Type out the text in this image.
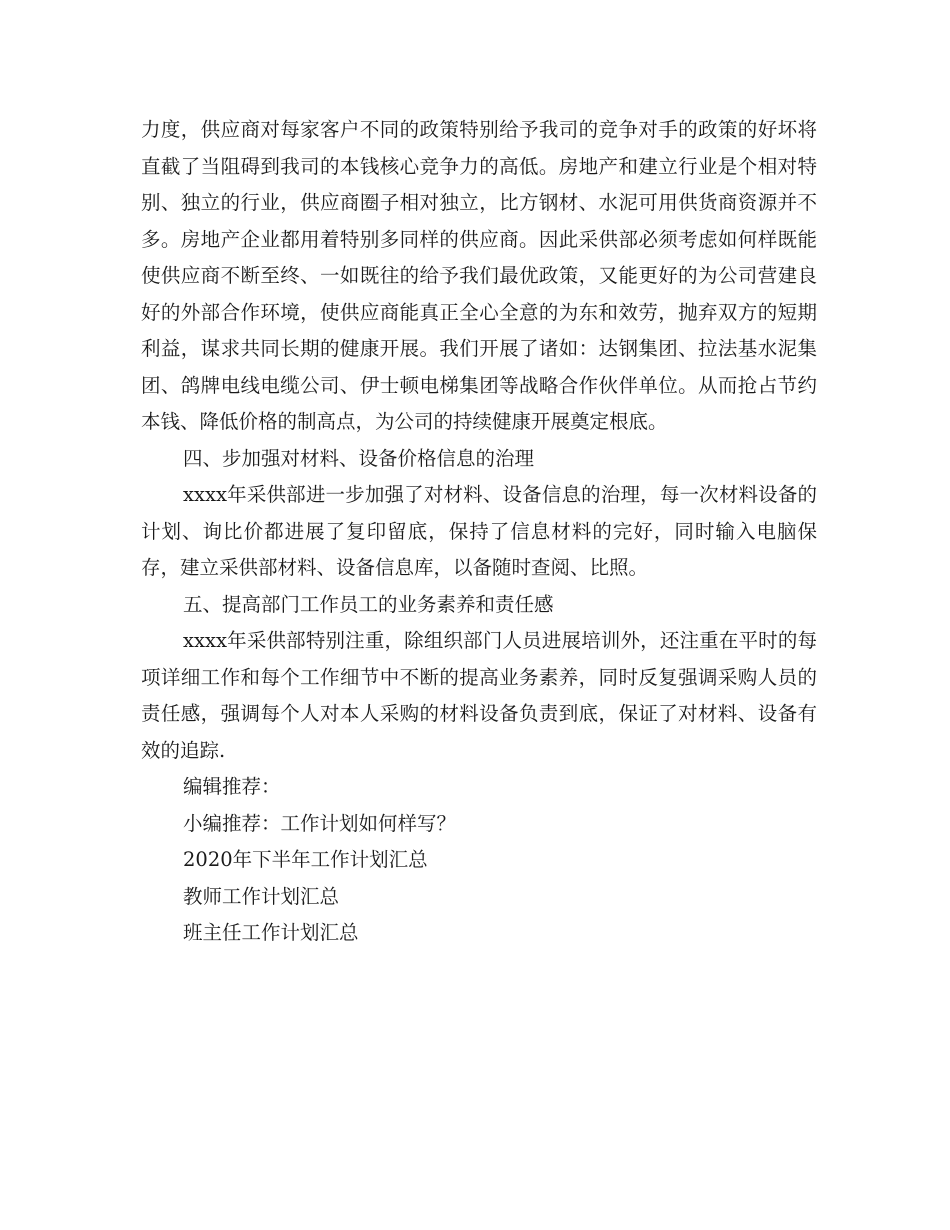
力度，供应商对每家客户不同的政策特别给予我司的竞争对手的政策的好坏将直截了当阻碍到我司的本钱核心竞争力的高低。房地产和建立行业是个相对特别、独立的行业，供应商圈子相对独立，比方钢材、水泥可用供货商资源并不多。房地产企业都用着特别多同样的供应商。因此采供部必须考虑如何样既能使供应商不断至终、一如既往的给予我们最优政策，又能更好的为公司营建良好的外部合作环境，使供应商能真正全心全意的为东和效劳，抛弃双方的短期利益，谋求共同长期的健康开展。我们开展了诸如：达钢集团、拉法基水泥集团、鸽牌电线电缆公司、伊士顿电梯集团等战略合作伙伴单位。从而抢占节约本钱、降低价格的制高点，为公司的持续健康开展奠定根底。

四、步加强对材料、设备价格信息的治理

xxxx年采供部进一步加强了对材料、设备信息的治理，每一次材料设备的计划、询比价都进展了复印留底，保持了信息材料的完好，同时输入电脑保存，建立采供部材料、设备信息库，以备随时查阅、比照。

五、提高部门工作员工的业务素养和责任感

xxxx年采供部特别注重，除组织部门人员进展培训外，还注重在平时的每项详细工作和每个工作细节中不断的提高业务素养，同时反复强调采购人员的责任感，强调每个人对本人采购的材料设备负责到底，保证了对材料、设备有效的追踪.

编辑推荐：

小编推荐：工作计划如何样写？

2020年下半年工作计划汇总

教师工作计划汇总

班主任工作计划汇总
